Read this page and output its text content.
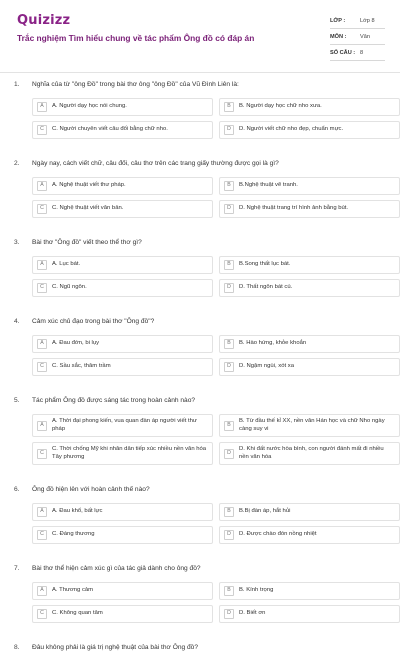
Quizizz
Trắc nghiệm Tìm hiểu chung về tác phẩm Ông đồ có đáp án
LỚP :	Lớp 8
MÔN :	Văn
SỐ CÂU : 8
1.	Nghĩa của từ "ông Đồ" trong bài thơ ông "ông Đồ" của Vũ Đình Liên là:
A	A. Người dạy học nói chung.	B	B. Người dạy học chữ nho xưa.
C	C. Người chuyên viết câu đối bằng chữ nho.	D	D. Người viết chữ nho đẹp, chuẩn mực.
2.	Ngày nay, cách viết chữ, câu đối, câu thơ trên các trang giấy thường được gọi là gì?
A	A. Nghệ thuật viết thư pháp.	B	B.Nghệ thuật vẽ tranh.
C	C. Nghệ thuật viết văn bản.	D	D. Nghệ thuật trang trí hình ảnh bằng bút.
3.	Bài thơ "Ông đồ" viết theo thể thơ gì?
A	A. Lục bát.	B	B.Song thất lục bát.
C	C. Ngũ ngôn.	D	D. Thất ngôn bát cú.
4.	Cảm xúc chủ đạo trong bài thơ "Ông đồ"?
A	A. Đau đớn, bi lụy	B	B. Hào hứng, khỏe khoắn
C	C. Sầu sắc, thâm trầm	D	D. Ngậm ngùi, xót xa
5.	Tác phẩm Ông đồ được sáng tác trong hoàn cảnh nào?
A
A. Thời đại phong kiến, vua quan đàn áp người viết thư pháp
B
B. Từ đầu thế kỉ XX, nền văn Hán học và chữ Nho ngày càng suy vi
C
C. Thời chống Mỹ khi nhân dân tiếp xúc nhiều nền văn hóa Tây phương
D
D. Khi đất nước hòa bình, con người đánh mất đi nhiều nền văn hóa
6.	Ông đồ hiện lên với hoàn cảnh thế nào?
A	A. Đau khổ, bất lực	B	B.Bị đàn áp, hắt hủi
C	C. Đáng thương	D	D. Được chào đón nồng nhiệt
7.	Bài thơ thể hiện cảm xúc gì của tác giả dành cho ông đồ?
A	A. Thương cảm	B	B. Kính trọng
C	C. Không quan tâm	D	D. Biết ơn
8.	Đâu không phải là giá trị nghệ thuật của bài thơ Ông đồ?
